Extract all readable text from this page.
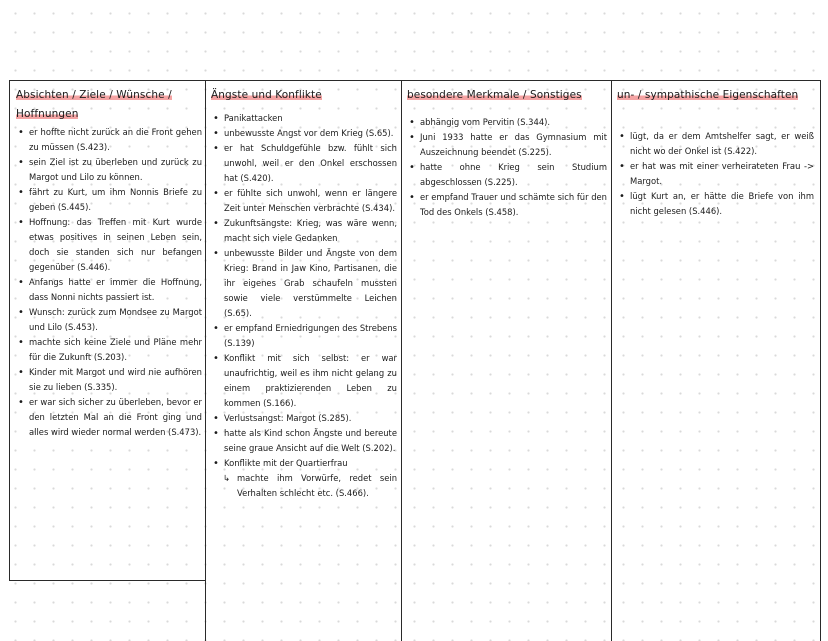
Absichten / Ziele / Wünsche / Hoffnungen
• er hoffte nicht zurück an die Front gehen zu müssen (S.423).
• sein Ziel ist zu überleben und zurück zu Margot und Lilo zu können.
• fährt zu Kurt, um ihm Nonnis Briefe zu geben (S.445).
• Hoffnung: das Treffen mit Kurt wurde etwas positives in seinen Leben sein, doch sie standen sich nur befangen gegenüber (S.446).
• Anfangs hatte er immer die Hoffnung, dass Nonni nichts passiert ist.
• Wunsch: zurück zum Mondsee zu Margot und Lilo (S.453).
• machte sich keine Ziele und Pläne mehr für die Zukunft (S.203).
• Kinder mit Margot und wird nie aufhören sie zu lieben (S.335).
• er war sich sicher zu überleben, bevor er den letzten Mal an die Front ging und alles wird wieder normal werden (S.473).
Ängste und Konflikte
• Panikattacken
• unbewusste Angst vor dem Krieg (S.65).
• er hat Schuldgefühle bzw. fühlt sich unwohl, weil er den Onkel erschossen hat (S.420).
• er fühlte sich unwohl, wenn er längere Zeit unter Menschen verbrachte (S.434).
• Zukunftsängste: Krieg, was wäre wenn, macht sich viele Gedanken
• unbewusste Bilder und Ängste von dem Krieg: Brand in Jaw Kino, Partisanen, die ihr eigenes Grab schaufeln mussten sowie viele verstümmelte Leichen (S.65).
• er empfand Erniedrigungen des Strebens (S.139)
• Konflikt mit sich selbst: er war unaufrichtig, weil es ihm nicht gelang zu einem praktizierenden Leben zu kommen (S.166).
• Verlustsangst: Margot (S.285).
• hatte als Kind schon Ängste und bereute seine graue Ansicht auf die Welt (S.202).
• Konflikte mit der Quartierfrau
↳ machte ihm Vorwürfe, redet sein Verhalten schlecht etc. (S.466).
besondere Merkmale / Sonstiges
• abhängig vom Pervitin (S.344).
• Juni 1933 hatte er das Gymnasium mit Auszeichnung beendet (S.225).
• hatte ohne Krieg sein Studium abgeschlossen (S.225).
• er empfand Trauer und schämte sich für den Tod des Onkels (S.458).
un- / sympathische Eigenschaften
• lügt, da er dem Amtshelfer sagt, er weiß nicht wo der Onkel ist (S.422).
• er hat was mit einer verheirateten Frau -> Margot.
• lügt Kurt an, er hätte die Briefe von ihm nicht gelesen (S.446).
